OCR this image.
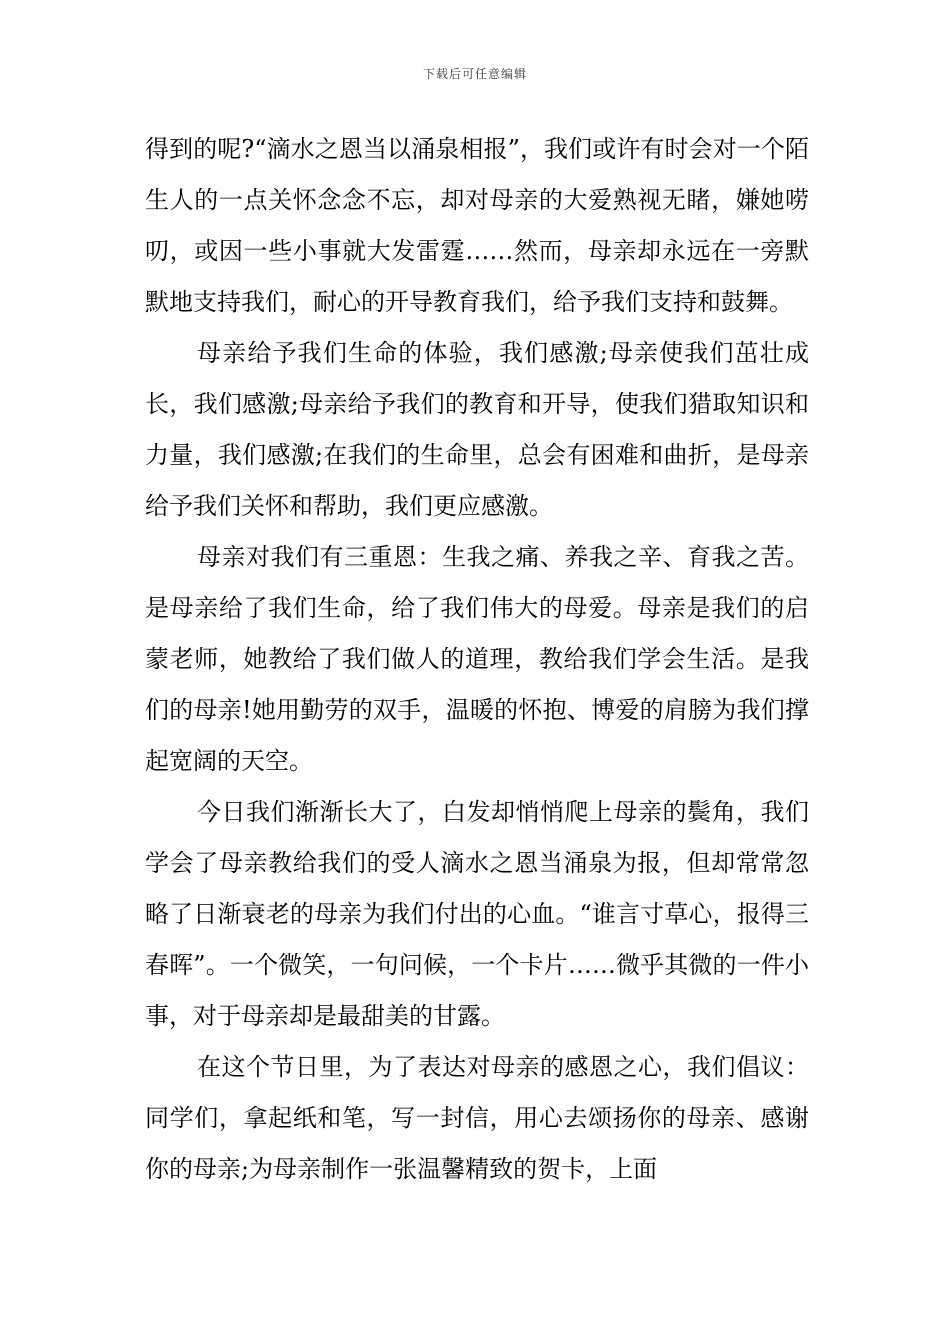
下载后可任意编辑

得到的呢?“滴水之恩当以涌泉相报”，我们或许有时会对一个陌生人的一点关怀念念不忘，却对母亲的大爱熟视无睹，嫌她唠叨，或因一些小事就大发雷霆……然而，母亲却永远在一旁默默地支持我们，耐心的开导教育我们，给予我们支持和鼓舞。

母亲给予我们生命的体验，我们感激;母亲使我们茁壮成长，我们感激;母亲给予我们的教育和开导，使我们猎取知识和力量，我们感激;在我们的生命里，总会有困难和曲折，是母亲给予我们关怀和帮助，我们更应感激。

母亲对我们有三重恩：生我之痛、养我之辛、育我之苦。是母亲给了我们生命，给了我们伟大的母爱。母亲是我们的启蒙老师，她教给了我们做人的道理，教给我们学会生活。是我们的母亲!她用勤劳的双手，温暖的怀抱、博爱的肩膀为我们撑起宽阔的天空。

今日我们渐渐长大了，白发却悄悄爬上母亲的鬓角，我们学会了母亲教给我们的受人滴水之恩当涌泉为报，但却常常忽略了日渐衰老的母亲为我们付出的心血。“谁言寸草心，报得三春晖”。一个微笑，一句问候，一个卡片……微乎其微的一件小事，对于母亲却是最甜美的甘露。

在这个节日里，为了表达对母亲的感恩之心，我们倡议：同学们，拿起纸和笔，写一封信，用心去颂扬你的母亲、感谢你的母亲;为母亲制作一张温馨精致的贺卡，上面
